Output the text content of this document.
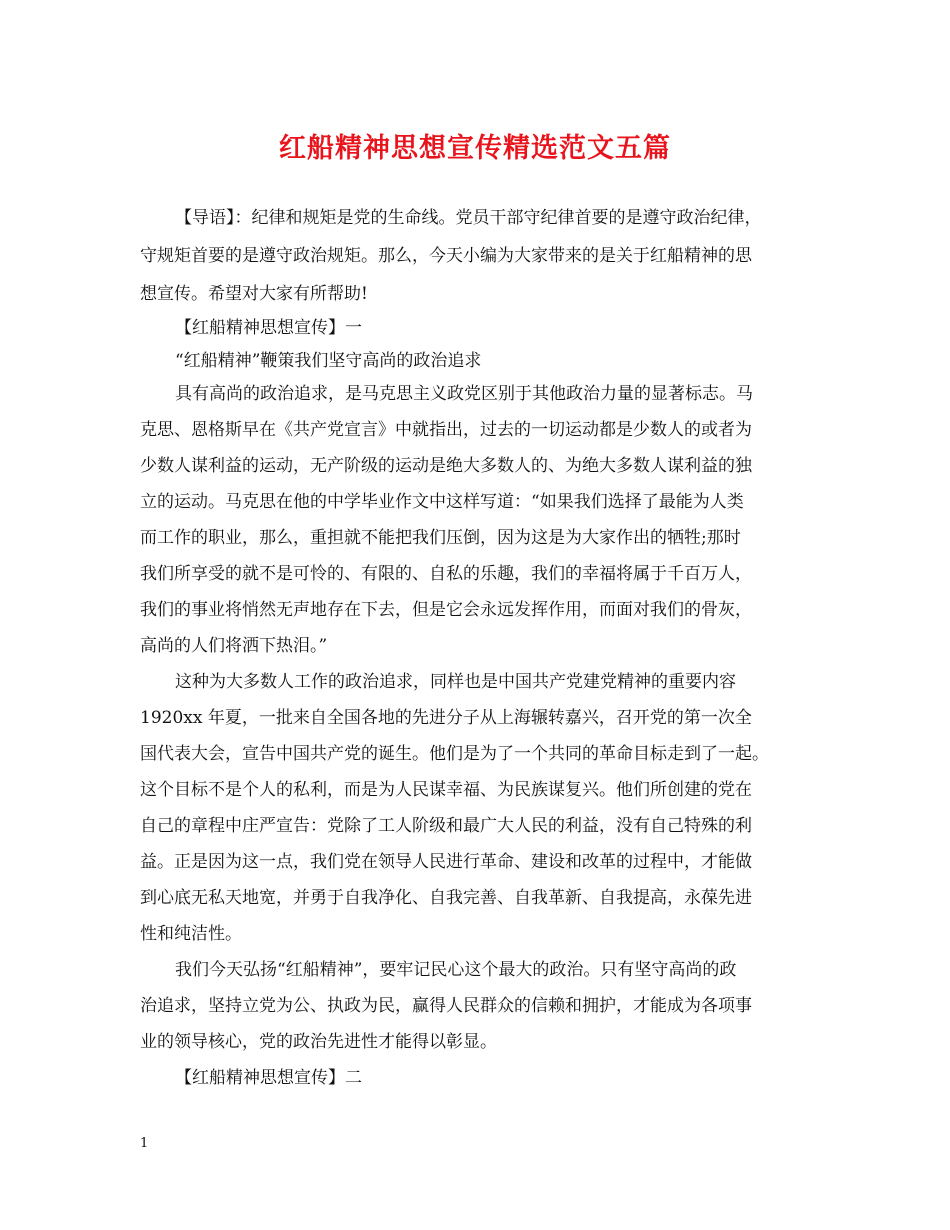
红船精神思想宣传精选范文五篇
【导语】：纪律和规矩是党的生命线。党员干部守纪律首要的是遵守政治纪律，
守规矩首要的是遵守政治规矩。那么，今天小编为大家带来的是关于红船精神的思
想宣传。希望对大家有所帮助!
【红船精神思想宣传】一
“红船精神”鞭策我们坚守高尚的政治追求
具有高尚的政治追求，是马克思主义政党区别于其他政治力量的显著标志。马
克思、恩格斯早在《共产党宣言》中就指出，过去的一切运动都是少数人的或者为
少数人谋利益的运动，无产阶级的运动是绝大多数人的、为绝大多数人谋利益的独
立的运动。马克思在他的中学毕业作文中这样写道：“如果我们选择了最能为人类
而工作的职业，那么，重担就不能把我们压倒，因为这是为大家作出的牺牲;那时
我们所享受的就不是可怜的、有限的、自私的乐趣，我们的幸福将属于千百万人，
我们的事业将悄然无声地存在下去，但是它会永远发挥作用，而面对我们的骨灰，
高尚的人们将洒下热泪。”
这种为大多数人工作的政治追求，同样也是中国共产党建党精神的重要内容
1920xx 年夏，一批来自全国各地的先进分子从上海辗转嘉兴，召开党的第一次全
国代表大会，宣告中国共产党的诞生。他们是为了一个共同的革命目标走到了一起。
这个目标不是个人的私利，而是为人民谋幸福、为民族谋复兴。他们所创建的党在
自己的章程中庄严宣告：党除了工人阶级和最广大人民的利益，没有自己特殊的利
益。正是因为这一点，我们党在领导人民进行革命、建设和改革的过程中，才能做
到心底无私天地宽，并勇于自我净化、自我完善、自我革新、自我提高，永葆先进
性和纯洁性。
我们今天弘扬“红船精神”，要牢记民心这个最大的政治。只有坚守高尚的政
治追求，坚持立党为公、执政为民，赢得人民群众的信赖和拥护，才能成为各项事
业的领导核心，党的政治先进性才能得以彰显。
【红船精神思想宣传】二
1
